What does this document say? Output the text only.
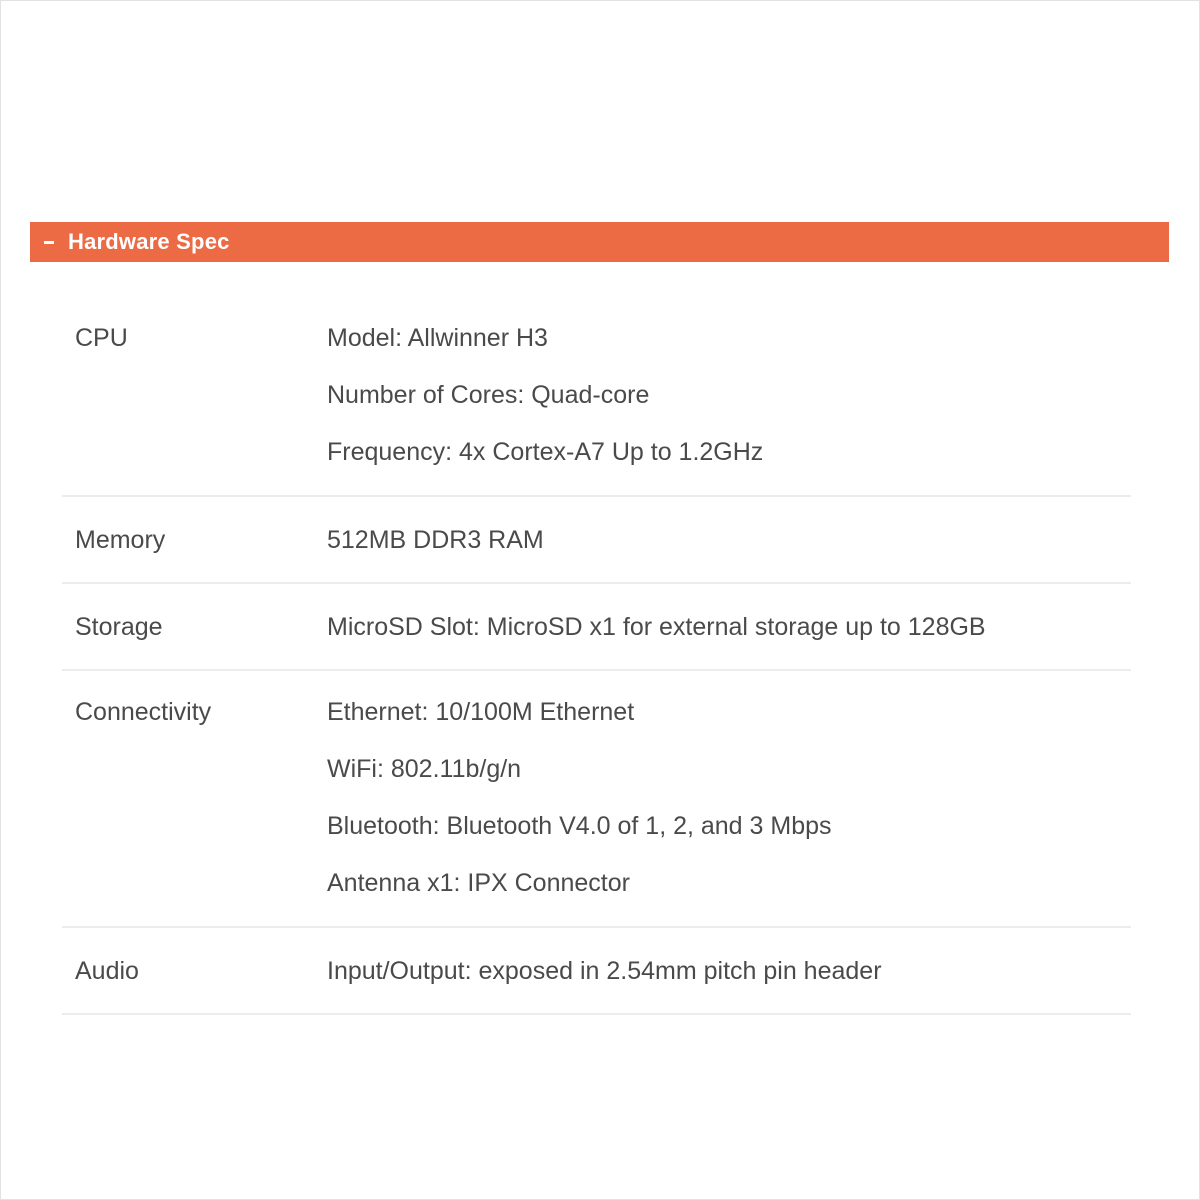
Hardware Spec
CPU	Model: Allwinner H3
Number of Cores: Quad-core
Frequency: 4x Cortex-A7 Up to 1.2GHz
Memory	512MB DDR3 RAM
Storage	MicroSD Slot: MicroSD x1 for external storage up to 128GB
Connectivity	Ethernet: 10/100M Ethernet
WiFi: 802.11b/g/n
Bluetooth: Bluetooth V4.0 of 1, 2, and 3 Mbps
Antenna x1: IPX Connector
Audio	Input/Output: exposed in 2.54mm pitch pin header
